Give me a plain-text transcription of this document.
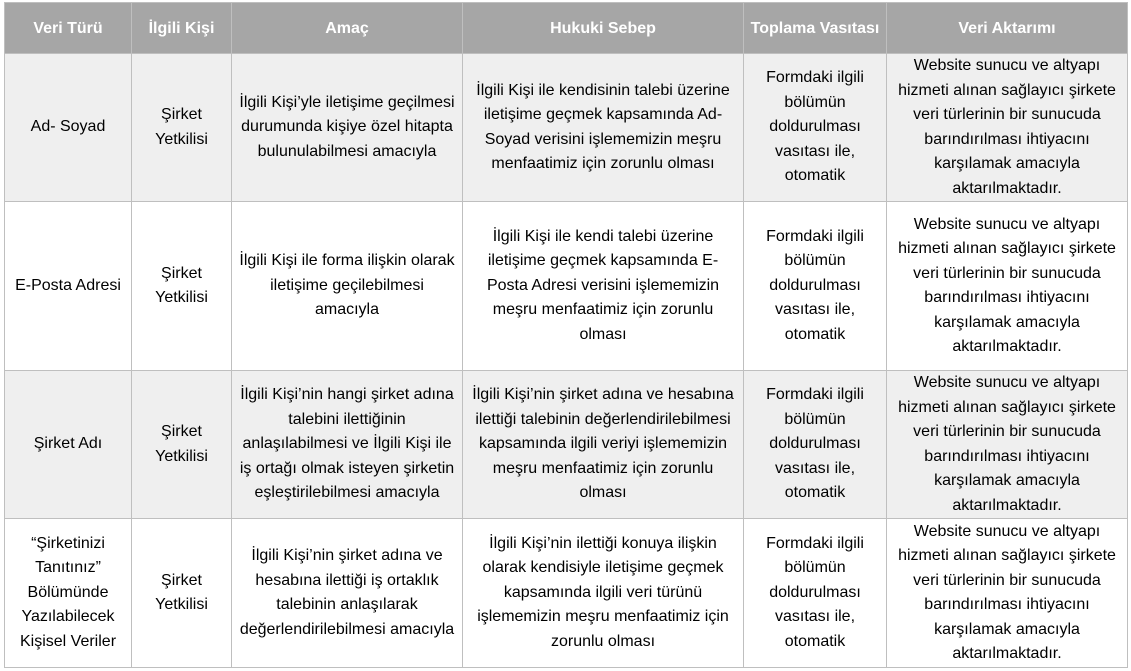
Veri Türü	İlgili Kişi	Amaç	Hukuki Sebep	Toplama Vasıtası	Veri Aktarımı
Ad- Soyad	Şirket Yetkilisi	İlgili Kişi’yle iletişime geçilmesi durumunda kişiye özel hitapta bulunulabilmesi amacıyla	İlgili Kişi ile kendisinin talebi üzerine iletişime geçmek kapsamında Ad-Soyad verisini işlememizin meşru menfaatimiz için zorunlu olması	Formdaki ilgili bölümün doldurulması vasıtası ile, otomatik	Website sunucu ve altyapı hizmeti alınan sağlayıcı şirkete veri türlerinin bir sunucuda barındırılması ihtiyacını karşılamak amacıyla aktarılmaktadır.
E-Posta Adresi	Şirket Yetkilisi	İlgili Kişi ile forma ilişkin olarak iletişime geçilebilmesi amacıyla	İlgili Kişi ile kendi talebi üzerine iletişime geçmek kapsamında E-Posta Adresi verisini işlememizin meşru menfaatimiz için zorunlu olması	Formdaki ilgili bölümün doldurulması vasıtası ile, otomatik	Website sunucu ve altyapı hizmeti alınan sağlayıcı şirkete veri türlerinin bir sunucuda barındırılması ihtiyacını karşılamak amacıyla aktarılmaktadır.
Şirket Adı	Şirket Yetkilisi	İlgili Kişi’nin hangi şirket adına talebini ilettiğinin anlaşılabilmesi ve İlgili Kişi ile iş ortağı olmak isteyen şirketin eşleştirilebilmesi amacıyla	İlgili Kişi’nin şirket adına ve hesabına ilettiği talebinin değerlendirilebilmesi kapsamında ilgili veriyi işlememizin meşru menfaatimiz için zorunlu olması	Formdaki ilgili bölümün doldurulması vasıtası ile, otomatik	Website sunucu ve altyapı hizmeti alınan sağlayıcı şirkete veri türlerinin bir sunucuda barındırılması ihtiyacını karşılamak amacıyla aktarılmaktadır.
“Şirketinizi Tanıtınız” Bölümünde Yazılabilecek Kişisel Veriler	Şirket Yetkilisi	İlgili Kişi’nin şirket adına ve hesabına ilettiği iş ortaklık talebinin anlaşılarak değerlendirilebilmesi amacıyla	İlgili Kişi’nin ilettiği konuya ilişkin olarak kendisiyle iletişime geçmek kapsamında ilgili veri türünü işlememizin meşru menfaatimiz için zorunlu olması	Formdaki ilgili bölümün doldurulması vasıtası ile, otomatik	Website sunucu ve altyapı hizmeti alınan sağlayıcı şirkete veri türlerinin bir sunucuda barındırılması ihtiyacını karşılamak amacıyla aktarılmaktadır.
